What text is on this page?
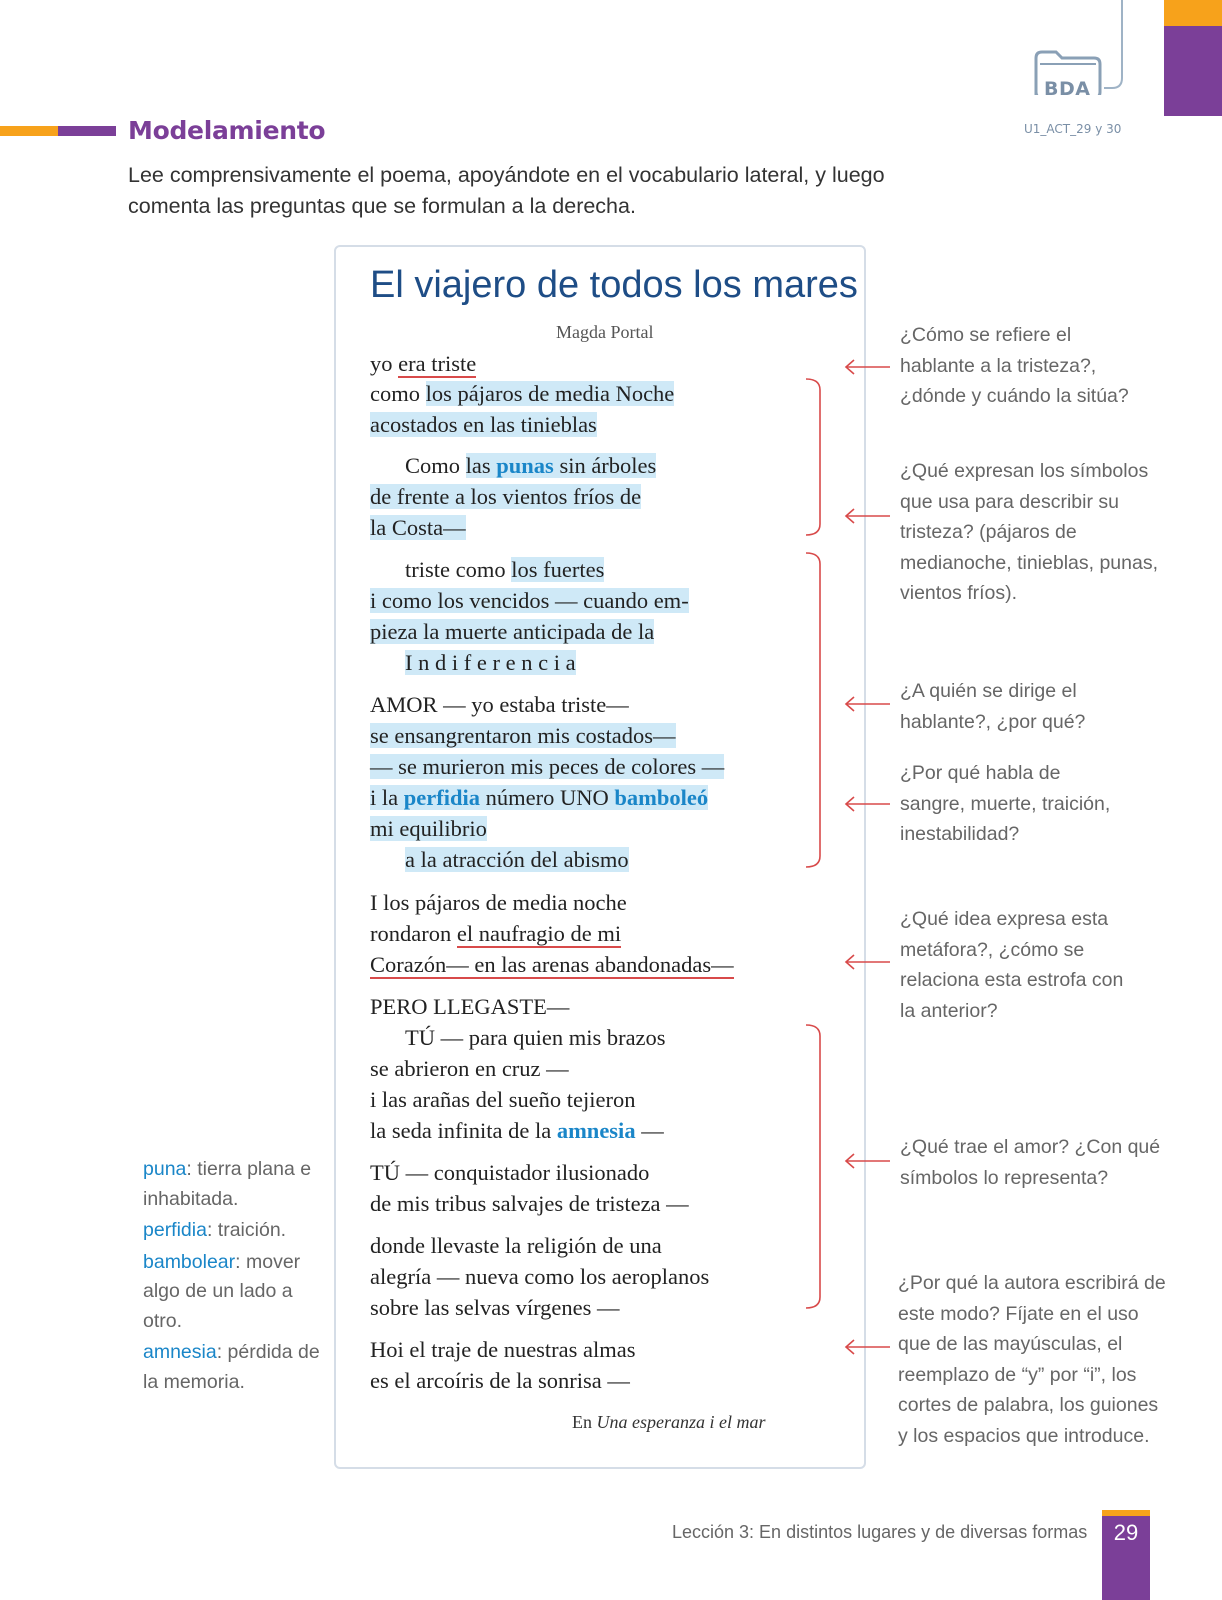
BDA
U1_ACT_29 y 30
Modelamiento
Lee comprensivamente el poema, apoyándote en el vocabulario lateral, y luego comenta las preguntas que se formulan a la derecha.
El viajero de todos los mares
Magda Portal
yo era triste
como los pájaros de media Noche
acostados en las tinieblas
Como las punas sin árboles
de frente a los vientos fríos de
la Costa—
triste como los fuertes
i como los vencidos — cuando em-
pieza la muerte anticipada de la
I n d i f e r e n c i a
AMOR — yo estaba triste—
se ensangrentaron mis costados—
— se murieron mis peces de colores —
i la perfidia número UNO bamboleó
mi equilibrio
a la atracción del abismo
I los pájaros de media noche
rondaron el naufragio de mi
Corazón— en las arenas abandonadas—
PERO LLEGASTE—
TÚ — para quien mis brazos
se abrieron en cruz —
i las arañas del sueño tejieron
la seda infinita de la amnesia —
TÚ — conquistador ilusionado
de mis tribus salvajes de tristeza —
donde llevaste la religión de una
alegría — nueva como los aeroplanos
sobre las selvas vírgenes —
Hoi el traje de nuestras almas
es el arcoíris de la sonrisa —
En Una esperanza i el mar
puna: tierra plana e inhabitada.
perfidia: traición.
bambolear: mover algo de un lado a otro.
amnesia: pérdida de la memoria.
¿Cómo se refiere el hablante a la tristeza?, ¿dónde y cuándo la sitúa?
¿Qué expresan los símbolos que usa para describir su tristeza? (pájaros de medianoche, tinieblas, punas, vientos fríos).
¿A quién se dirige el hablante?, ¿por qué?
¿Por qué habla de sangre, muerte, traición, inestabilidad?
¿Qué idea expresa esta metáfora?, ¿cómo se relaciona esta estrofa con la anterior?
¿Qué trae el amor? ¿Con qué símbolos lo representa?
¿Por qué la autora escribirá de este modo? Fíjate en el uso que de las mayúsculas, el reemplazo de “y” por “i”, los cortes de palabra, los guiones y los espacios que introduce.
Lección 3: En distintos lugares y de diversas formas	29
